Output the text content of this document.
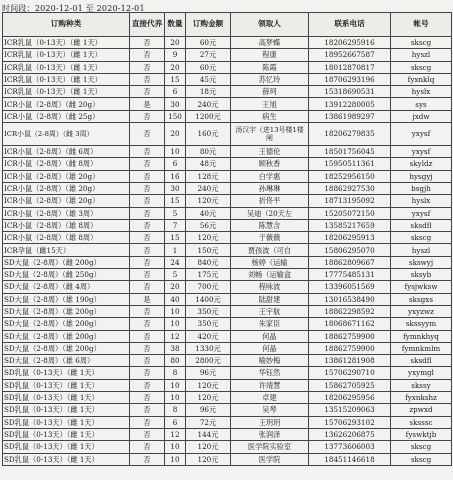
时间段：2020-12-01 至 2020-12-01
订购种类	直接代养	数量	订购金额	领取人	联系电话	帐号
ICR乳鼠（0-13天）（雌 1天）	否	20	60元	高梦蝶	18206295916	skscg
ICR乳鼠（0-13天）（雌 1天）	否	9	27元	程康	18952667587	hyszl
ICR乳鼠（0-13天）（雌 1天）	否	20	60元	陈霞	18012870817	skscg
ICR乳鼠（0-13天）（雌 1天）	否	15	45元	苏忆玲	18706293196	fyxnklq
ICR乳鼠（0-13天）（雌 1天）	否	6	18元	薛珂	15318690531	hyslx
ICR小鼠（2-8周）（雌 20g）	是	30	240元	王旭	13912280005	sys
ICR小鼠（2-8周）（雌 25g）	否	150	1200元	病生	13861989297	jxdw
ICR小鼠（2-8周）（雌 3周）	否	20	160元	汤汉宇（进13号楼1楼闸	18206279835	yxysf
ICR小鼠（2-8周）（雌 6周）	否	10	80元	王德伦	18501756045	yxysf
ICR小鼠（2-8周）（雌 8周）	否	6	48元	顾秋香	15950511361	skyldz
ICR小鼠（2-8周）（雄 20g）	否	16	128元	白学惠	18252956150	hysgyj
ICR小鼠（2-8周）（雄 20g）	否	30	240元	孙琳琳	18862927530	bsgjh
ICR小鼠（2-8周）（雄 20g）	否	15	120元	折佟平	18713195092	hyslx
ICR小鼠（2-8周）（雄 3周）	否	5	40元	吴迪（20天左	15205072150	yxysf
ICR小鼠（2-8周）（雄 8周）	否	7	56元	陈慧含	13585217659	sksdfl
ICR小鼠（2-8周）（雄 8周）	否	15	120元	于薇薇	18206295913	skscg
ICR孕鼠（雌15天）	否	1	150元	贾孩波（可自	15806295070	hyszl
SD大鼠（2-8周）（雌 200g）	否	24	840元	杨婷（运输	18862809667	skswyj
SD大鼠（2-8周）（雌 250g）	否	5	175元	刘畅（运输盒	17775485131	sksyb
SD大鼠（2-8周）（雌 4周）	否	20	700元	程咏波	13396051569	fysjwksw
SD大鼠（2-8周）（雄 190g）	是	40	1400元	陆甜建	13016538490	sksgxs
SD大鼠（2-8周）（雄 200g）	否	10	350元	王宇航	18862298592	yxyzwz
SD大鼠（2-8周）（雄 200g）	否	10	350元	朱家臣	18068671162	skssyym
SD大鼠（2-8周）（雄 200g）	否	12	420元	何晶	18862759900	fymnkhyq
SD大鼠（2-8周）（雄 200g）	否	38	1330元	何晶	18862759900	fymnkmlm
SD大鼠（2-8周）（雄 6周）	否	80	2800元	喻妙梅	13861281908	sksdfl
SD乳鼠（0-13天）（雌 1天）	否	8	96元	华钰然	15706290710	yxymgl
SD乳鼠（0-13天）（雌 1天）	否	10	120元	许靖慧	15862705925	skssy
SD乳鼠（0-13天）（雌 1天）	否	10	120元	卓建	18206295956	fyxnkshz
SD乳鼠（0-13天）（雌 1天）	否	8	96元	吴琴	13515209063	zpwxd
SD乳鼠（0-13天）（雌 1天）	否	6	72元	王玥玥	15706293102	sksssc
SD乳鼠（0-13天）（雌 1天）	否	12	144元	张润泽	13626206875	fyswktjb
SD乳鼠（0-13天）（雌 1天）	否	10	120元	医学院实验室	13773606003	skscg
SD乳鼠（0-13天）（雌 1天）	否	10	120元	医学院	18451146618	skscg
